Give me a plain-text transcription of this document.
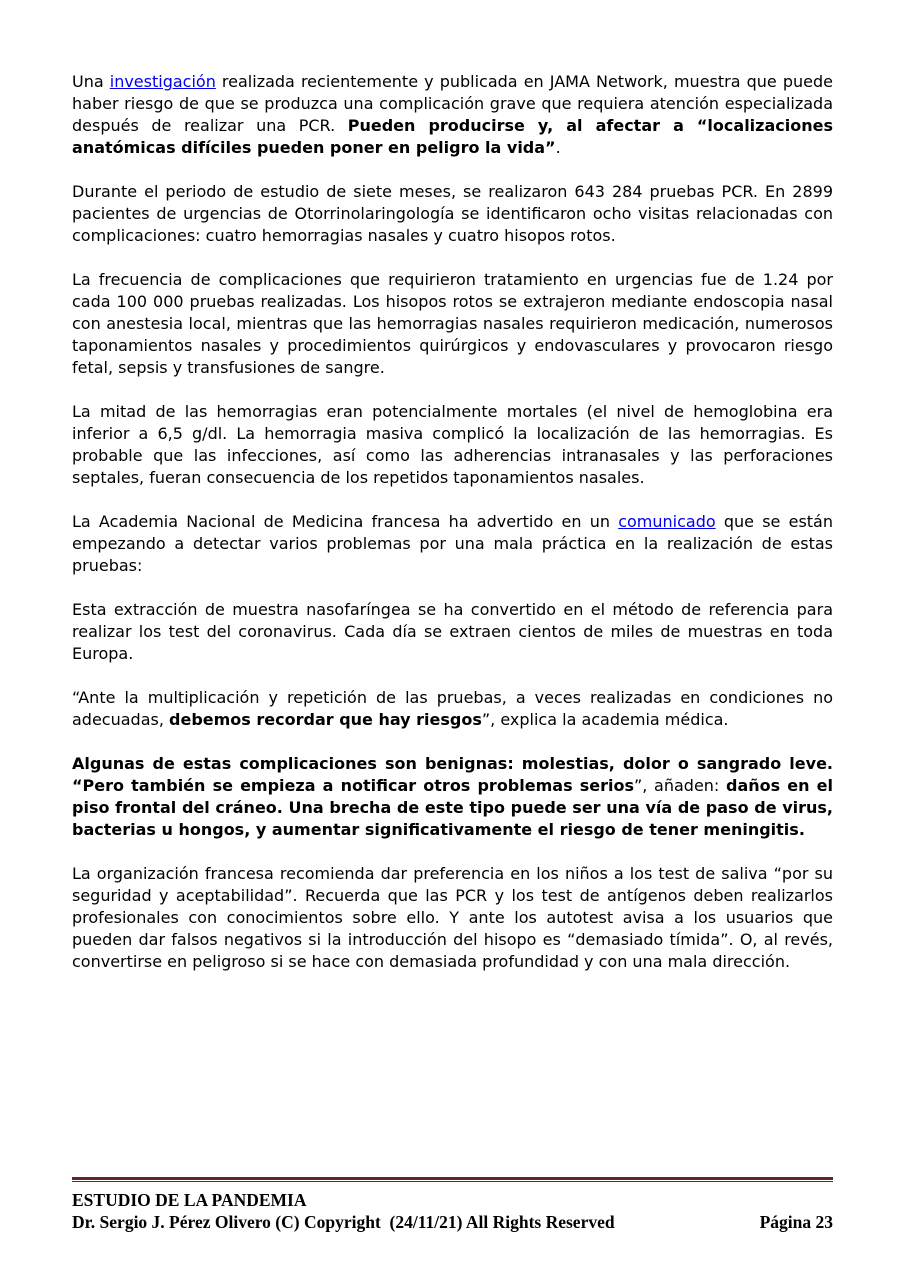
Una investigación realizada recientemente y publicada en JAMA Network, muestra que puede haber riesgo de que se produzca una complicación grave que requiera atención especializada después de realizar una PCR. Pueden producirse y, al afectar a “localizaciones anatómicas difíciles pueden poner en peligro la vida”.

Durante el periodo de estudio de siete meses, se realizaron 643 284 pruebas PCR. En 2899 pacientes de urgencias de Otorrinolaringología se identificaron ocho visitas relacionadas con complicaciones: cuatro hemorragias nasales y cuatro hisopos rotos.

La frecuencia de complicaciones que requirieron tratamiento en urgencias fue de 1.24 por cada 100 000 pruebas realizadas. Los hisopos rotos se extrajeron mediante endoscopia nasal con anestesia local, mientras que las hemorragias nasales requirieron medicación, numerosos taponamientos nasales y procedimientos quirúrgicos y endovasculares y provocaron riesgo fetal, sepsis y transfusiones de sangre.

La mitad de las hemorragias eran potencialmente mortales (el nivel de hemoglobina era inferior a 6,5 g/dl. La hemorragia masiva complicó la localización de las hemorragias. Es probable que las infecciones, así como las adherencias intranasales y las perforaciones septales, fueran consecuencia de los repetidos taponamientos nasales.

La Academia Nacional de Medicina francesa ha advertido en un comunicado que se están empezando a detectar varios problemas por una mala práctica en la realización de estas pruebas:

Esta extracción de muestra nasofaríngea se ha convertido en el método de referencia para realizar los test del coronavirus. Cada día se extraen cientos de miles de muestras en toda Europa.

“Ante la multiplicación y repetición de las pruebas, a veces realizadas en condiciones no adecuadas, debemos recordar que hay riesgos”, explica la academia médica.

Algunas de estas complicaciones son benignas: molestias, dolor o sangrado leve. “Pero también se empieza a notificar otros problemas serios”, añaden: daños en el piso frontal del cráneo. Una brecha de este tipo puede ser una vía de paso de virus, bacterias u hongos, y aumentar significativamente el riesgo de tener meningitis.

La organización francesa recomienda dar preferencia en los niños a los test de saliva “por su seguridad y aceptabilidad”. Recuerda que las PCR y los test de antígenos deben realizarlos profesionales con conocimientos sobre ello. Y ante los autotest avisa a los usuarios que pueden dar falsos negativos si la introducción del hisopo es “demasiado tímida”. O, al revés, convertirse en peligroso si se hace con demasiada profundidad y con una mala dirección.

ESTUDIO DE LA PANDEMIA
Dr. Sergio J. Pérez Olivero (C) Copyright  (24/11/21) All Rights Reserved	Página 23
